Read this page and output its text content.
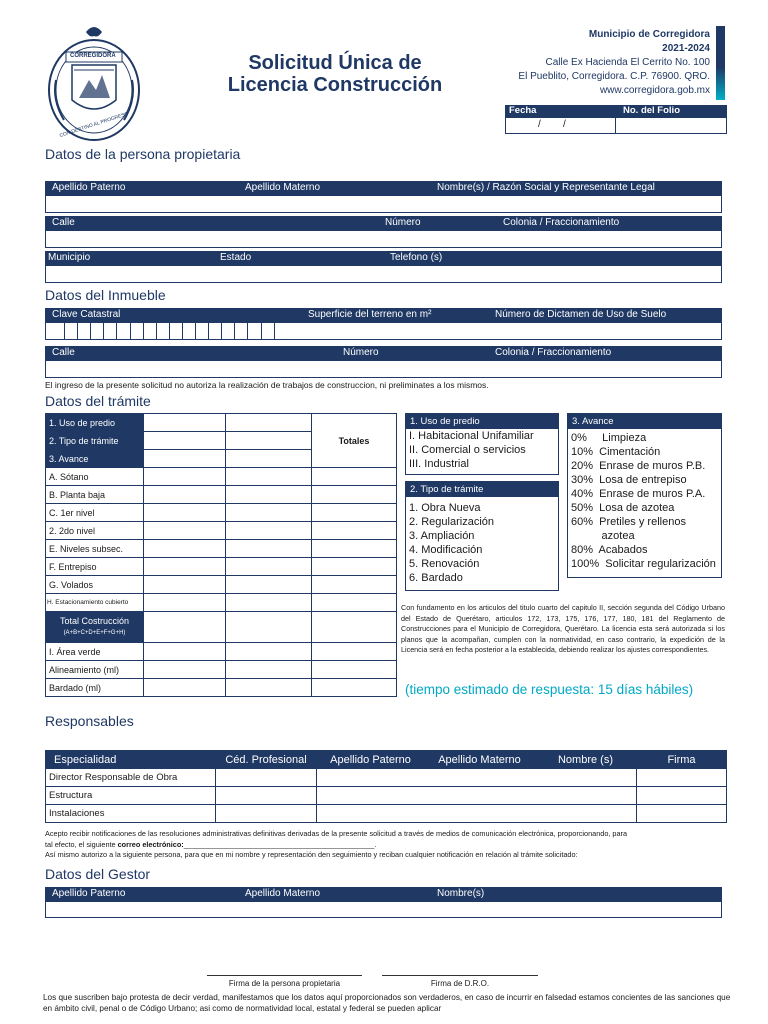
CORREGIDORA
CON DESTINO AL PROGRESO
Solicitud Única de
Licencia Construcción
Municipio de Corregidora
2021-2024
Calle Ex Hacienda El Cerrito No. 100
El Pueblito, Corregidora. C.P. 76900. QRO.
www.corregidora.gob.mx
Fecha	No. del Folio
/        /
Datos de la persona propietaria
Apellido Paterno	Apellido Materno	Nombre(s) / Razón Social y Representante Legal
Calle	Número	Colonia / Fraccionamiento
Municipio	Estado	Telefono (s)
Datos del Inmueble
Clave Catastral	Superficie del terreno en m²	Número de Dictamen de Uso de Suelo
Calle	Número	Colonia / Fraccionamiento
El ingreso de la presente solicitud no autoriza la realización de trabajos de construccion, ni preliminates a los mismos.
Datos del trámite
1. Uso de predio			Totales
2. Tipo de trámite			
3. Avance			
A. Sótano			
B. Planta baja			
C. 1er nivel			
2. 2do nivel			
E. Niveles subsec.			
F. Entrepiso			
G. Volados			
H. Estacionamiento cubierto			

Total Costrucción
(A+B+C+D+E+F+G+H)			

I. Área verde			
Alineamiento (ml)			
Bardado (ml)			
1. Uso de predio
I. Habitacional Unifamiliar
II. Comercial o servicios
III. Industrial
2. Tipo de trámite
1. Obra Nueva
2. Regularización
3. Ampliación
4. Modificación
5. Renovación
6. Bardado
3. Avance
0%     Limpieza
10%  Cimentación
20%  Enrase de muros P.B.
30%  Losa de entrepiso
40%  Enrase de muros P.A.
50%  Losa de azotea
60%  Pretiles y rellenos
azotea
80%  Acabados
100%  Solicitar regularización
Con fundamento en los articulos del titulo cuarto del capitulo II, sección segunda del Código Urbano del Estado de Querétaro, articulos 172, 173, 175, 176, 177, 180, 181 del Reglamento de Construcciones para el Municipio de Corregidora, Querétaro. La licencia esta será autorizada si los planos que la acompañan, cumplen con la normatividad, en caso contrario, la expedición de la Licencia será en fecha posterior a la establecida, debiendo realizar los ajustes correspondientes.
(tiempo estimado de respuesta: 15 días hábiles)
Responsables
Especialidad	Céd. Profesional	Apellido Paterno	Apellido Materno	Nombre (s)	Firma
Director Responsable de Obra					
Estructura					
Instalaciones					
Acepto recibir notificaciones de las resoluciones administrativas definitivas derivadas de la presente solicitud a través de medios de comunicación electrónica, proporcionando, para
tal efecto, el siguiente correo electrónico:_______________________________________________.
Así mismo autorizo a la siguiente persona, para que en mi nombre y representación den seguimiento y reciban cualquier notificación en relación al trámite solicitado:
Datos del Gestor
Apellido Paterno	Apellido Materno	Nombre(s)
Firma de la persona propietaria	Firma de D.R.O.
Los que suscriben bajo protesta de decir verdad, manifestamos que los datos aquí proporcionados son verdaderos, en caso de incurrir en falsedad estamos concientes de las sanciones que en ámbito civil, penal o de Código Urbano; asi como de normatividad local, estatal y federal se pueden aplicar
